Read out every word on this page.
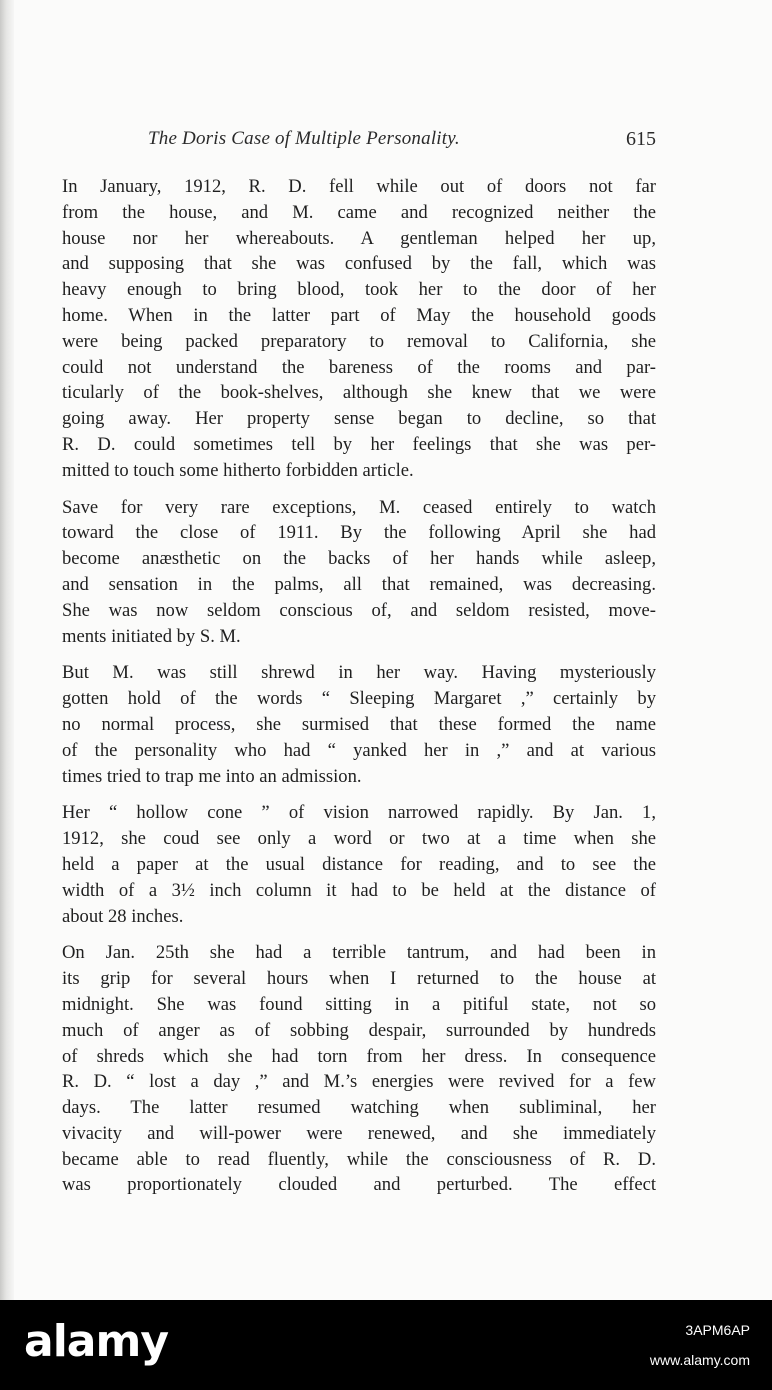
The Doris Case of Multiple Personality.	615
In January, 1912, R. D. fell while out of doors not far
from the house, and M. came and recognized neither the
house nor her whereabouts. A gentleman helped her up,
and supposing that she was confused by the fall, which was
heavy enough to bring blood, took her to the door of her
home. When in the latter part of May the household goods
were being packed preparatory to removal to California, she
could not understand the bareness of the rooms and par-
ticularly of the book-shelves, although she knew that we were
going away. Her property sense began to decline, so that
R. D. could sometimes tell by her feelings that she was per-
mitted to touch some hitherto forbidden article.
Save for very rare exceptions, M. ceased entirely to watch
toward the close of 1911. By the following April she had
become anæsthetic on the backs of her hands while asleep,
and sensation in the palms, all that remained, was decreasing.
She was now seldom conscious of, and seldom resisted, move-
ments initiated by S. M.
But M. was still shrewd in her way. Having mysteriously
gotten hold of the words “ Sleeping Margaret ,” certainly by
no normal process, she surmised that these formed the name
of the personality who had “ yanked her in ,” and at various
times tried to trap me into an admission.
Her “ hollow cone ” of vision narrowed rapidly. By Jan. 1,
1912, she coud see only a word or two at a time when she
held a paper at the usual distance for reading, and to see the
width of a 3½ inch column it had to be held at the distance of
about 28 inches.
On Jan. 25th she had a terrible tantrum, and had been in
its grip for several hours when I returned to the house at
midnight. She was found sitting in a pitiful state, not so
much of anger as of sobbing despair, surrounded by hundreds
of shreds which she had torn from her dress. In consequence
R. D. “ lost a day ,” and M.’s energies were revived for a few
days. The latter resumed watching when subliminal, her
vivacity and will-power were renewed, and she immediately
became able to read fluently, while the consciousness of R. D.
was proportionately clouded and perturbed. The effect
alamy	3APM6AP
www.alamy.com
